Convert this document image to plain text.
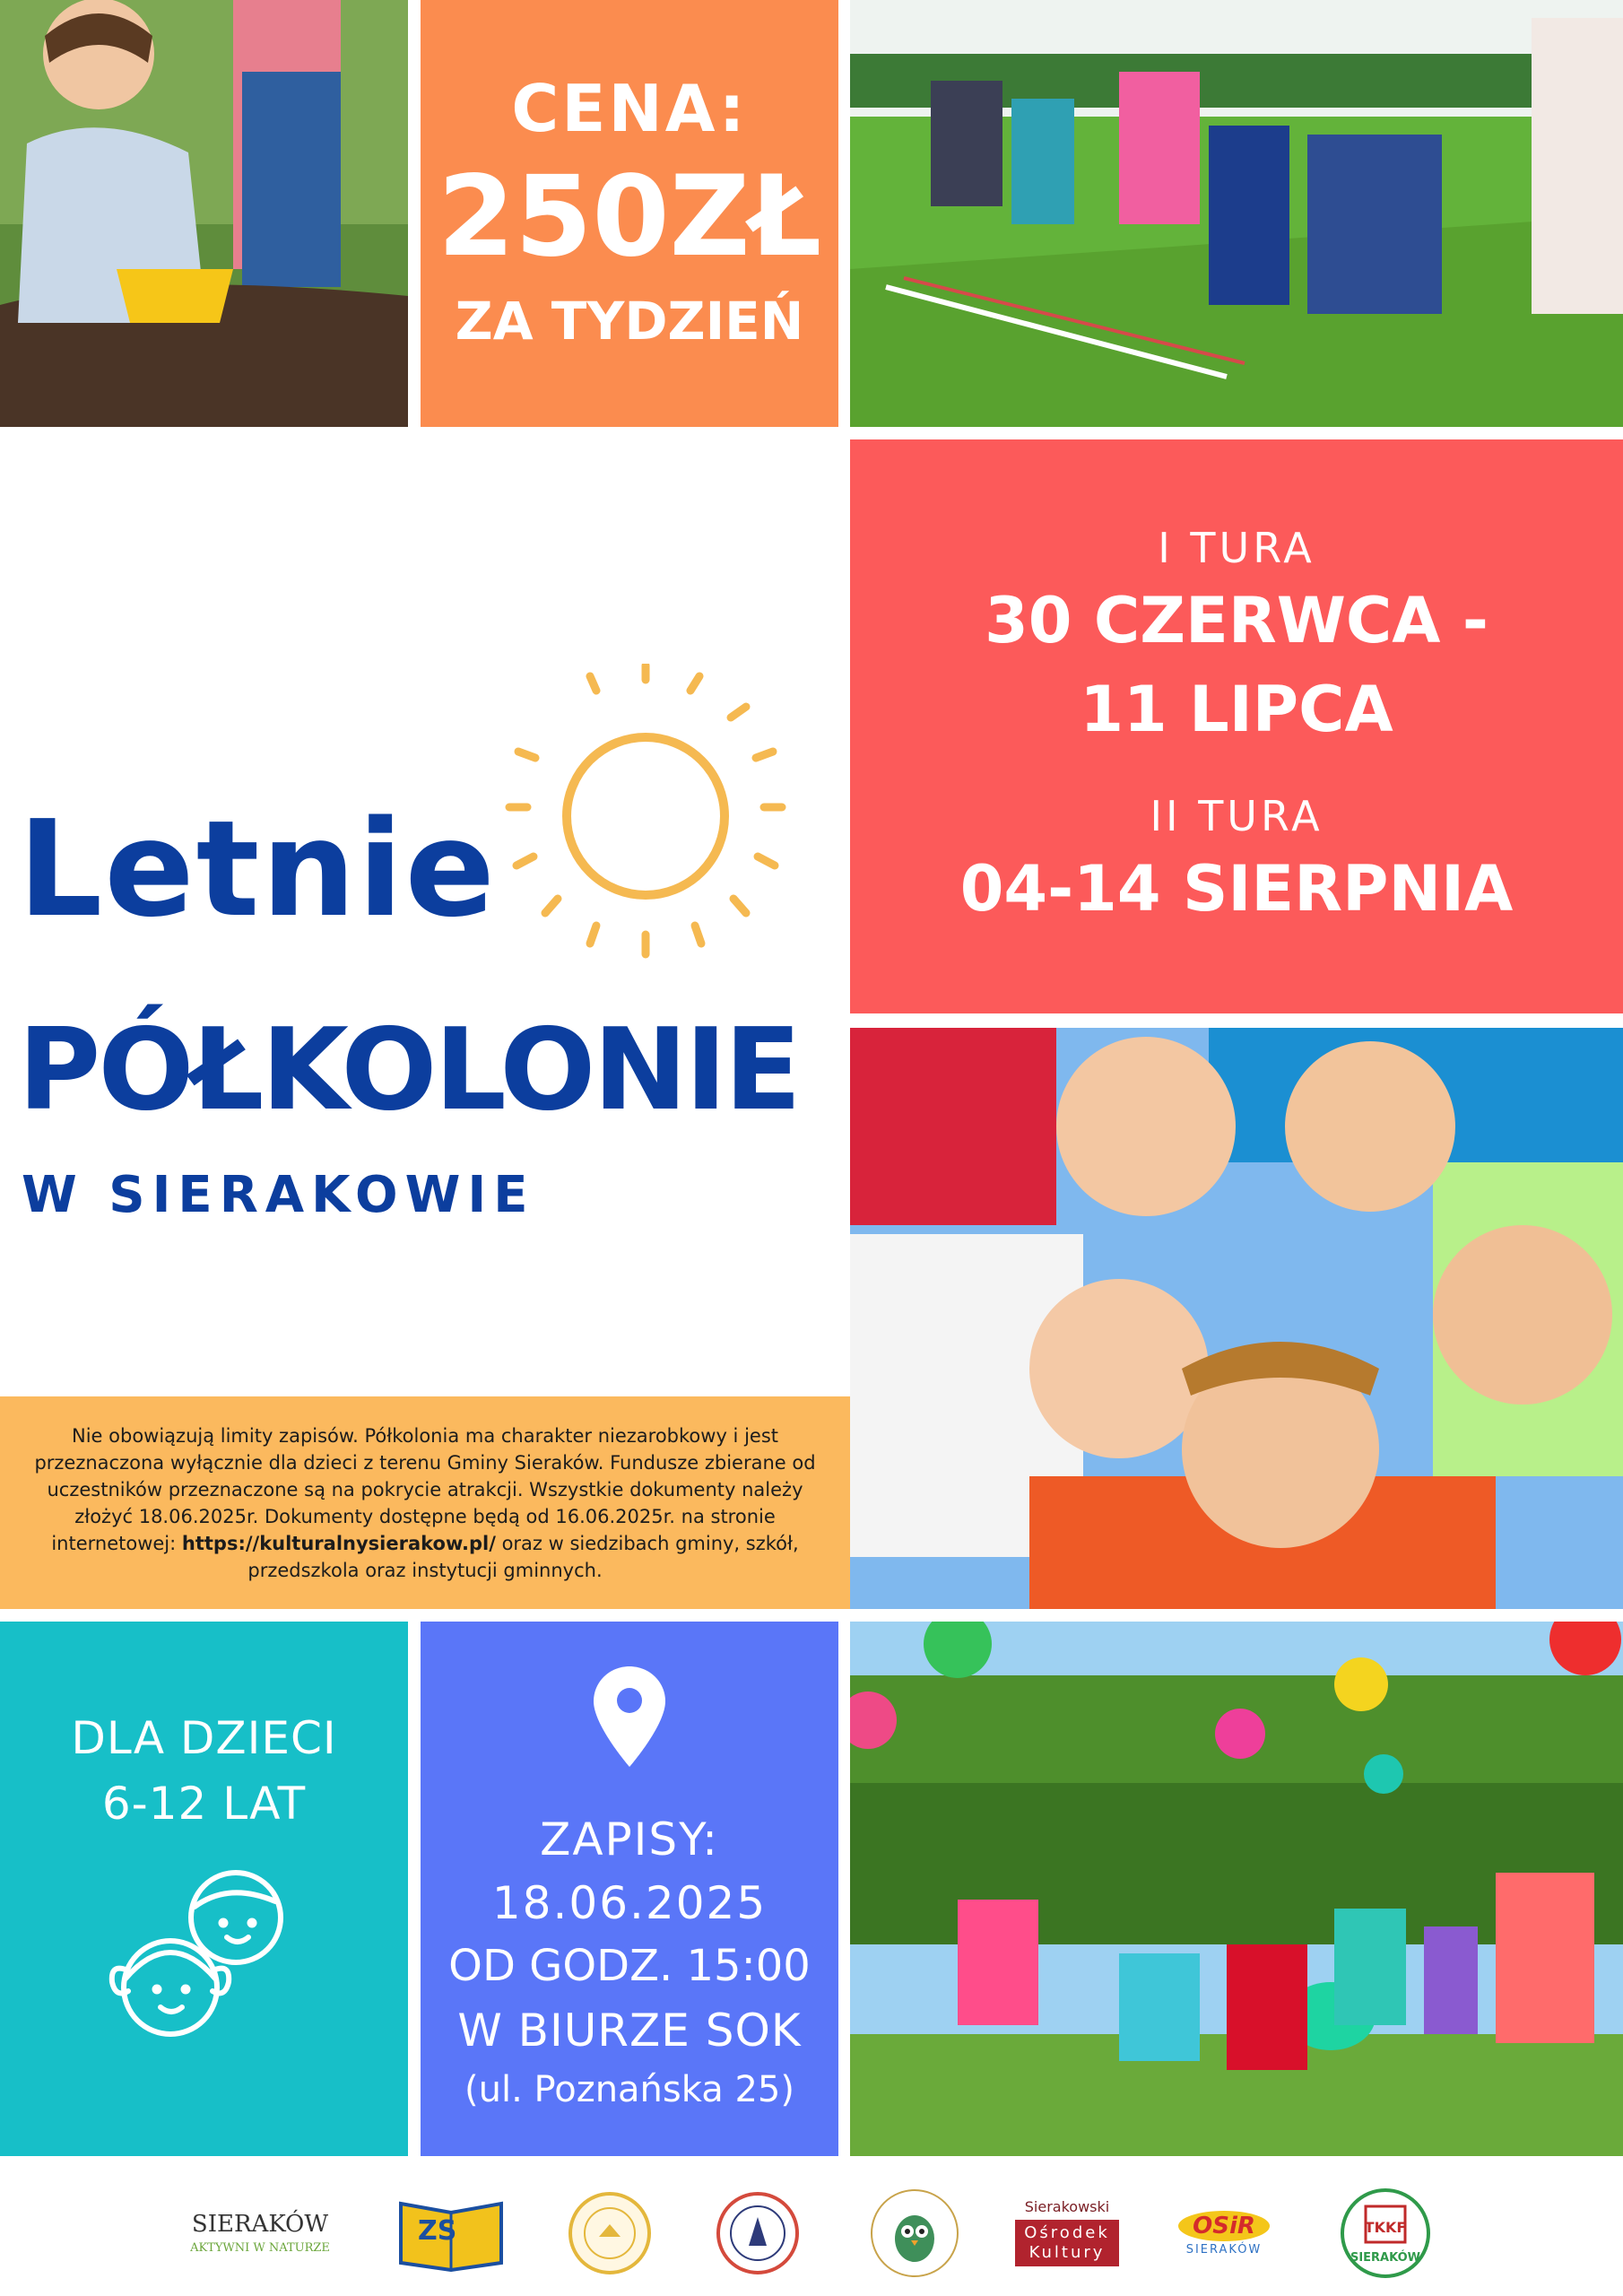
CENA:
250ZŁ
ZA TYDZIEŃ
I TURA
30 CZERWCA -
11 LIPCA
II TURA
04-14 SIERPNIA
Letnie
PÓŁKOLONIE
W SIERAKOWIE

Nie obowiązują limity zapisów. Półkolonia ma charakter niezarobkowy i jest przeznaczona wyłącznie dla dzieci z terenu Gminy Sieraków. Fundusze zbierane od uczestników przeznaczone są na pokrycie atrakcji. Wszystkie dokumenty należy złożyć 18.06.2025r. Dokumenty dostępne będą od 16.06.2025r. na stronie internetowej: https://kulturalnysierakow.pl/ oraz w siedzibach gminy, szkół, przedszkola oraz instytucji gminnych.

DLA DZIECI
6-12 LAT
ZAPISY:
18.06.2025
OD GODZ. 15:00
W BIURZE SOK
(ul. Poznańska 25)
SIERAKÓW
AKTYWNI W NATURZE
ZS
Sierakowski
Ośrodek
Kultury
OSiR
SIERAKÓW
TKKF
SIERAKÓW
